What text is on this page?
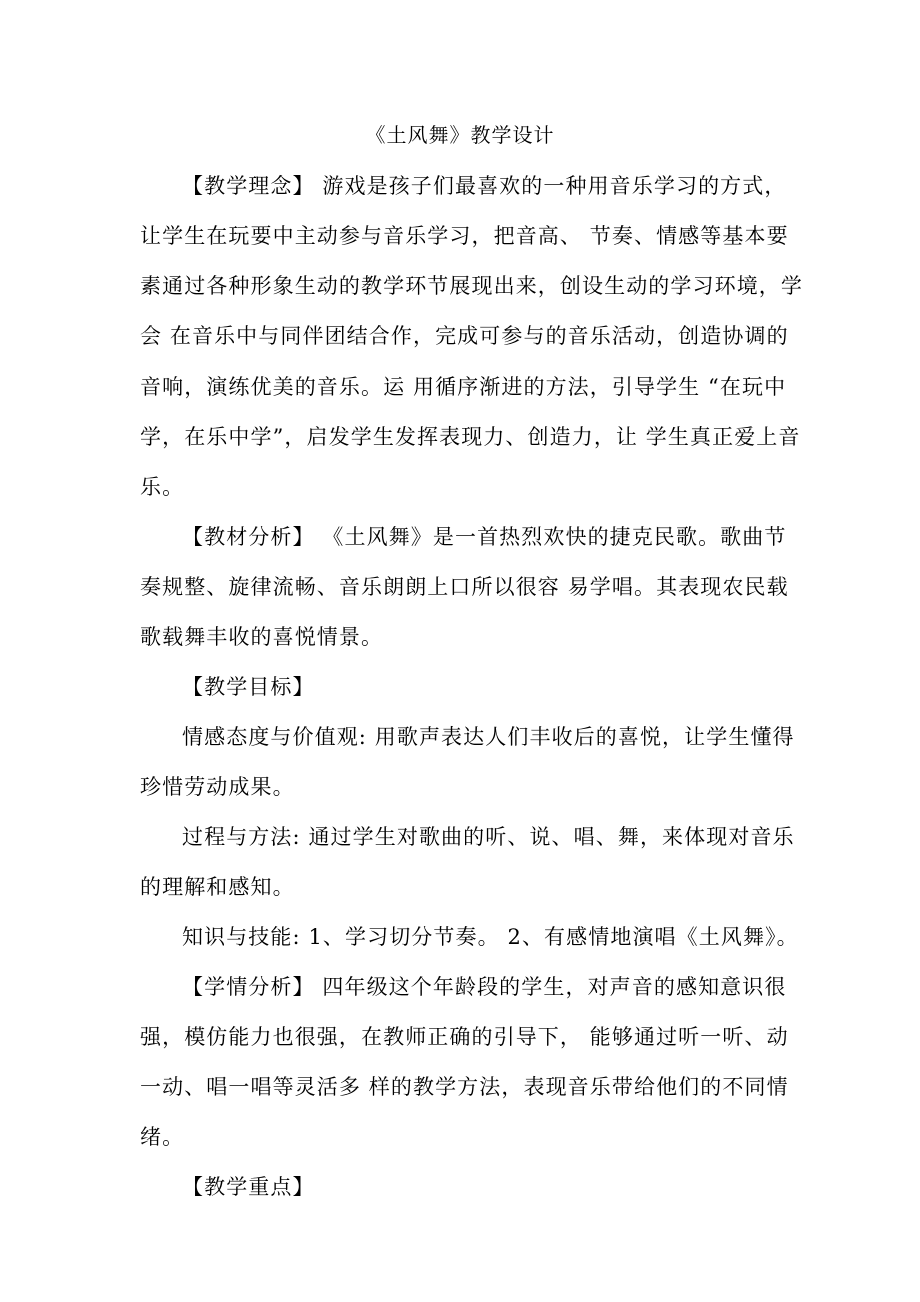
《土风舞》教学设计
【教学理念】 游戏是孩子们最喜欢的一种用音乐学习的方式，
让学生在玩要中主动参与音乐学习，把音高、 节奏、情感等基本要
素通过各种形象生动的教学环节展现出来，创设生动的学习环境，学
会 在音乐中与同伴团结合作，完成可参与的音乐活动，创造协调的
音响，演练优美的音乐。运 用循序渐进的方法，引导学生 “在玩中
学，在乐中学”，启发学生发挥表现力、创造力，让 学生真正爱上音
乐。
【教材分析】 《土风舞》是一首热烈欢快的捷克民歌。歌曲节
奏规整、旋律流畅、音乐朗朗上口所以很容 易学唱。其表现农民载
歌载舞丰收的喜悦情景。
【教学目标】
情感态度与价值观: 用歌声表达人们丰收后的喜悦，让学生懂得
珍惜劳动成果。
过程与方法: 通过学生对歌曲的听、说、唱、舞，来体现对音乐
的理解和感知。
知识与技能: 1、学习切分节奏。 2、有感情地演唱《土风舞》。
【学情分析】 四年级这个年龄段的学生，对声音的感知意识很
强，模仿能力也很强，在教师正确的引导下， 能够通过听一听、动
一动、唱一唱等灵活多 样的教学方法，表现音乐带给他们的不同情
绪。
【教学重点】
